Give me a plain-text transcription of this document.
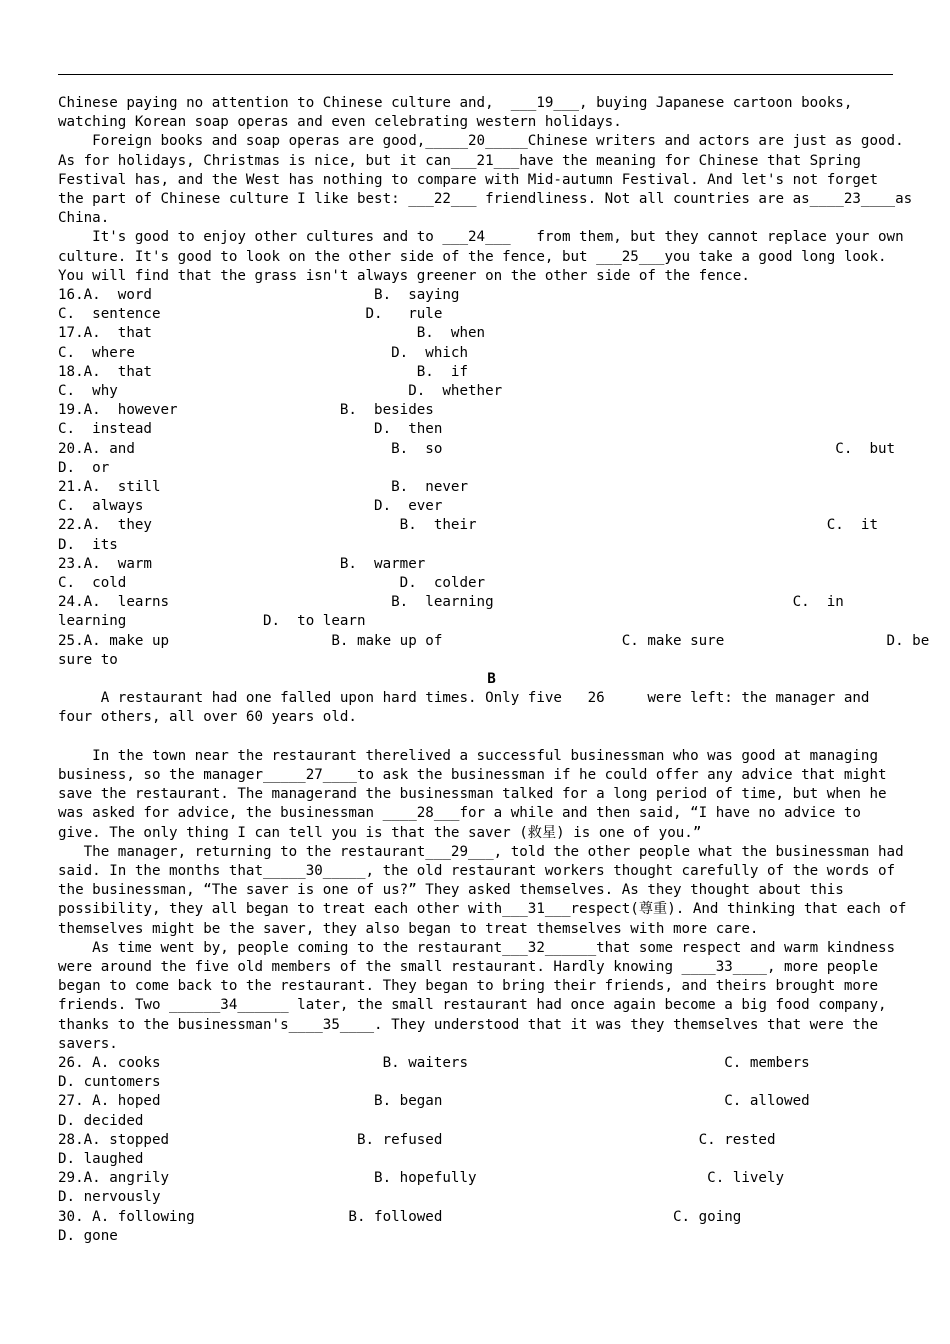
Chinese paying no attention to Chinese culture and,  ___19___, buying Japanese cartoon books,
watching Korean soap operas and even celebrating western holidays.
Foreign books and soap operas are good,_____20_____Chinese writers and actors are just as good.
As for holidays, Christmas is nice, but it can___21___have the meaning for Chinese that Spring
Festival has, and the West has nothing to compare with Mid-autumn Festival. And let's not forget
the part of Chinese culture I like best: ___22___ friendliness. Not all countries are as____23____as
China.
It's good to enjoy other cultures and to ___24___   from them, but they cannot replace your own
culture. It's good to look on the other side of the fence, but ___25___you take a good long look.
You will find that the grass isn't always greener on the other side of the fence.
16.A.  word                          B.  saying
C.  sentence                        D.   rule
17.A.  that                               B.  when
C.  where                              D.  which
18.A.  that                               B.  if
C.  why                                  D.  whether
19.A.  however                   B.  besides
C.  instead                          D.  then
20.A. and                              B.  so                                              C.  but
D.  or
21.A.  still                           B.  never
C.  always                           D.  ever
22.A.  they                             B.  their                                         C.  it
D.  its
23.A.  warm                      B.  warmer
C.  cold                                D.  colder
24.A.  learns                          B.  learning                                   C.  in
learning                D.  to learn
25.A. make up                   B. make up of                     C. make sure                   D. be
sure to
B
A restaurant had one falled upon hard times. Only five   26     were left: the manager and
four others, all over 60 years old.
In the town near the restaurant therelived a successful businessman who was good at managing
business, so the manager_____27____to ask the businessman if he could offer any advice that might
save the restaurant. The managerand the businessman talked for a long period of time, but when he
was asked for advice, the businessman ____28___for a while and then said, “I have no advice to
give. The only thing I can tell you is that the saver (救星) is one of you.”
The manager, returning to the restaurant___29___, told the other people what the businessman had
said. In the months that_____30_____, the old restaurant workers thought carefully of the words of
the businessman, “The saver is one of us?” They asked themselves. As they thought about this
possibility, they all began to treat each other with___31___respect(尊重). And thinking that each of
themselves might be the saver, they also began to treat themselves with more care.
As time went by, people coming to the restaurant___32______that some respect and warm kindness
were around the five old members of the small restaurant. Hardly knowing ____33____, more people
began to come back to the restaurant. They began to bring their friends, and theirs brought more
friends. Two ______34______ later, the small restaurant had once again become a big food company,
thanks to the businessman's____35____. They understood that it was they themselves that were the
savers.
26. A. cooks                          B. waiters                              C. members
D. cuntomers
27. A. hoped                         B. began                                 C. allowed
D. decided
28.A. stopped                      B. refused                              C. rested
D. laughed
29.A. angrily                        B. hopefully                           C. lively
D. nervously
30. A. following                  B. followed                           C. going
D. gone
